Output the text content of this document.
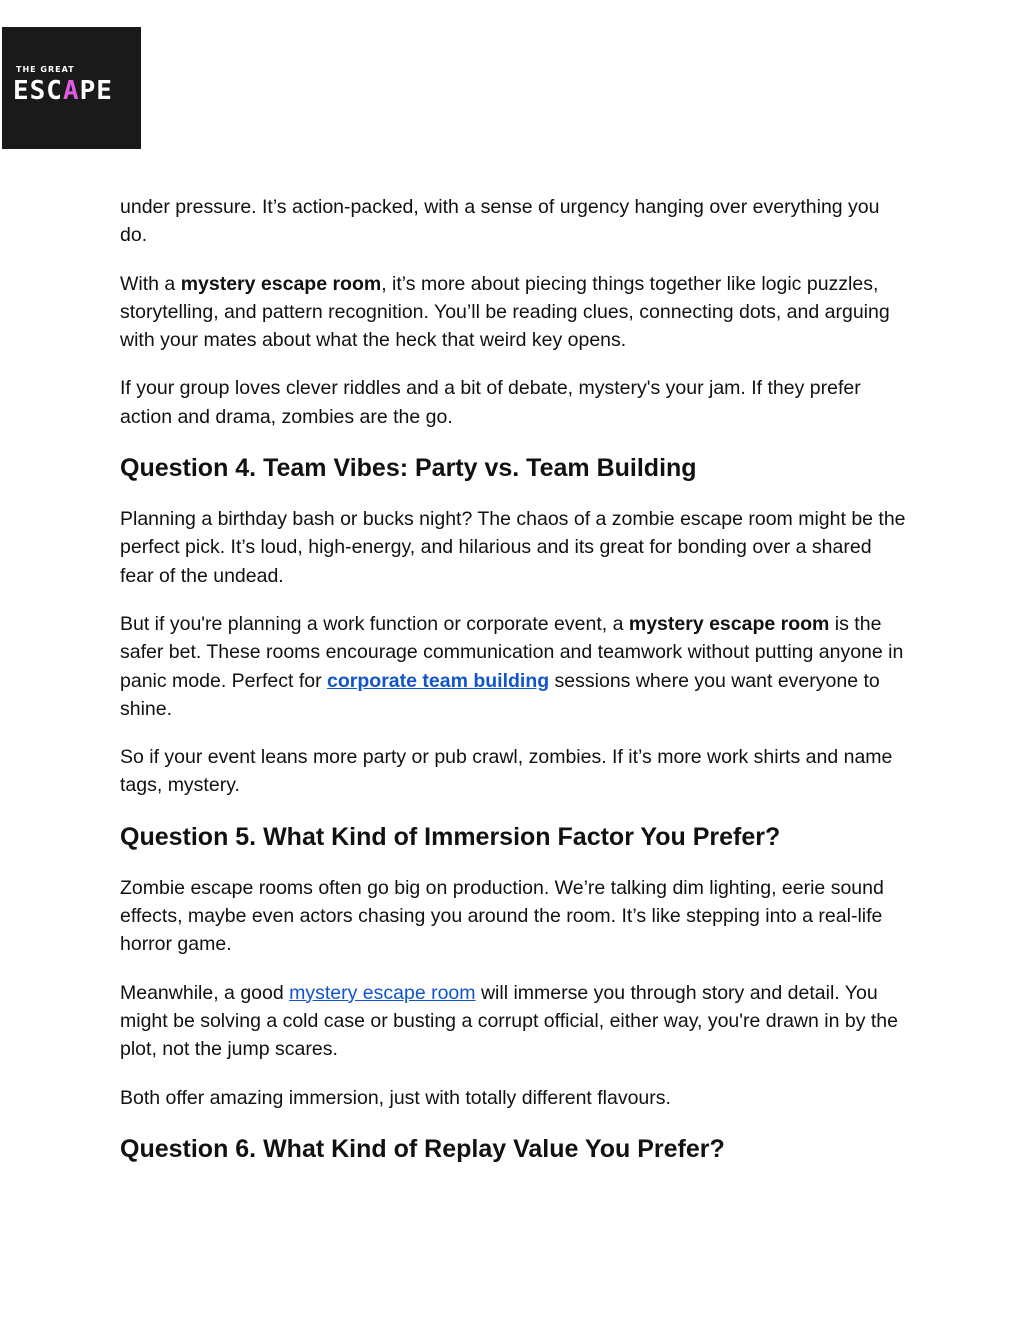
THE GREAT
ESCAPE

under pressure. It’s action-packed, with a sense of urgency hanging over everything you do.

With a mystery escape room, it’s more about piecing things together like logic puzzles, storytelling, and pattern recognition. You’ll be reading clues, connecting dots, and arguing with your mates about what the heck that weird key opens.

If your group loves clever riddles and a bit of debate, mystery's your jam. If they prefer action and drama, zombies are the go.

Question 4. Team Vibes: Party vs. Team Building

Planning a birthday bash or bucks night? The chaos of a zombie escape room might be the perfect pick. It’s loud, high-energy, and hilarious and its great for bonding over a shared fear of the undead.

But if you're planning a work function or corporate event, a mystery escape room is the safer bet. These rooms encourage communication and teamwork without putting anyone in panic mode. Perfect for corporate team building sessions where you want everyone to shine.

So if your event leans more party or pub crawl, zombies. If it’s more work shirts and name tags, mystery.

Question 5. What Kind of Immersion Factor You Prefer?

Zombie escape rooms often go big on production. We’re talking dim lighting, eerie sound effects, maybe even actors chasing you around the room. It’s like stepping into a real-life horror game.

Meanwhile, a good mystery escape room will immerse you through story and detail. You might be solving a cold case or busting a corrupt official, either way, you're drawn in by the plot, not the jump scares.

Both offer amazing immersion, just with totally different flavours.

Question 6. What Kind of Replay Value You Prefer?
